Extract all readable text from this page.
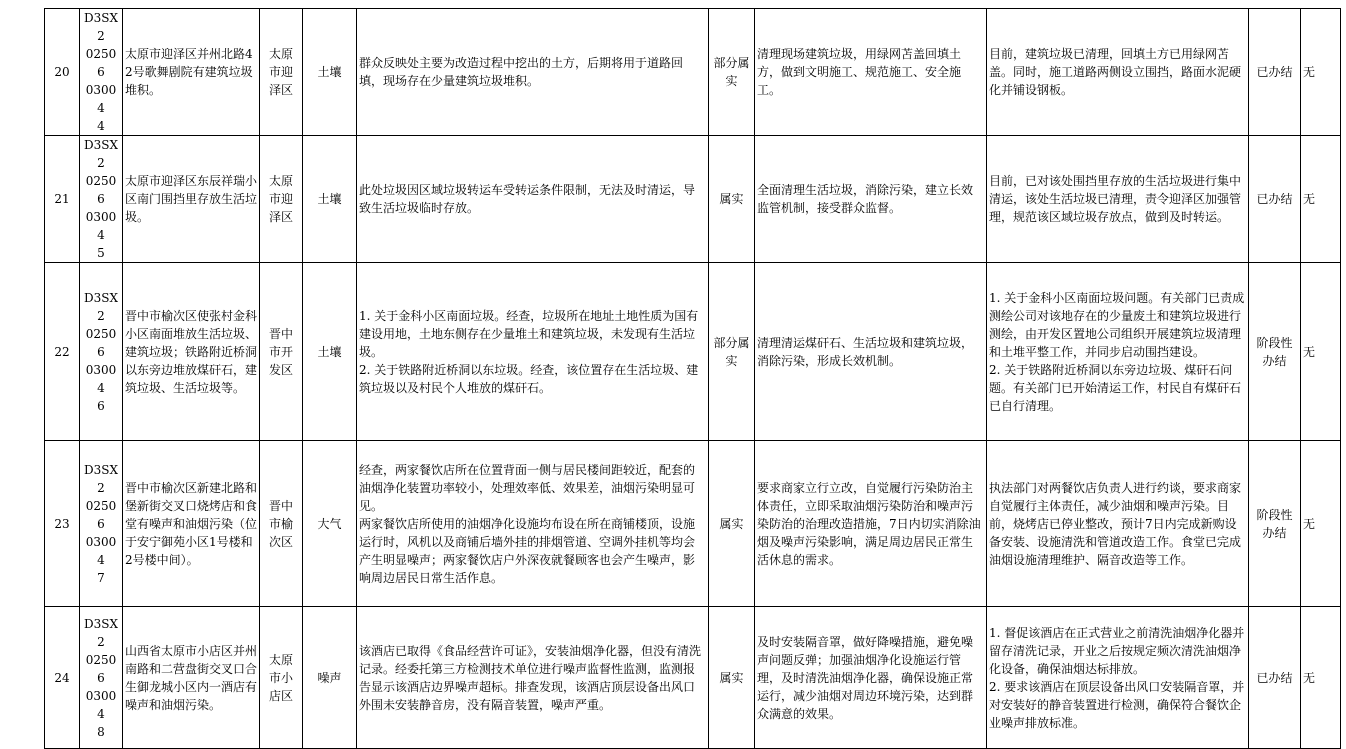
20	D3SX2
02506
03004
4	太原市迎泽区并州北路42号歌舞剧院有建筑垃圾堆积。	太原
市迎
泽区	土壤	群众反映处主要为改造过程中挖出的土方，后期将用于道路回填，现场存在少量建筑垃圾堆积。	部分属
实	清理现场建筑垃圾，用绿网苫盖回填土方，做到文明施工、规范施工、安全施工。	目前，建筑垃圾已清理，回填土方已用绿网苫盖。同时，施工道路两侧设立围挡，路面水泥硬化并铺设钢板。	已办结	无
21	D3SX2
02506
03004
5	太原市迎泽区东辰祥瑞小区南门围挡里存放生活垃圾。	太原
市迎
泽区	土壤	此处垃圾因区域垃圾转运车受转运条件限制，无法及时清运，导致生活垃圾临时存放。	属实	全面清理生活垃圾，消除污染，建立长效监管机制，接受群众监督。	目前，已对该处围挡里存放的生活垃圾进行集中清运，该处生活垃圾已清理，责令迎泽区加强管理，规范该区域垃圾存放点，做到及时转运。	已办结	无
22	D3SX2
02506
03004
6	晋中市榆次区使张村金科小区南面堆放生活垃圾、建筑垃圾；铁路附近桥洞以东旁边堆放煤矸石，建筑垃圾、生活垃圾等。	晋中
市开
发区	土壤	1. 关于金科小区南面垃圾。经查，垃圾所在地址土地性质为国有建设用地，土地东侧存在少量堆土和建筑垃圾，未发现有生活垃圾。
2. 关于铁路附近桥洞以东垃圾。经查，该位置存在生活垃圾、建筑垃圾以及村民个人堆放的煤矸石。	部分属
实	清理清运煤矸石、生活垃圾和建筑垃圾，消除污染，形成长效机制。	1. 关于金科小区南面垃圾问题。有关部门已责成测绘公司对该地存在的少量废土和建筑垃圾进行测绘，由开发区置地公司组织开展建筑垃圾清理和土堆平整工作，并同步启动围挡建设。
2. 关于铁路附近桥洞以东旁边垃圾、煤矸石问题。有关部门已开始清运工作，村民自有煤矸石已自行清理。	阶段性
办结	无
23	D3SX2
02506
03004
7	晋中市榆次区新建北路和堡新街交叉口烧烤店和食堂有噪声和油烟污染（位于安宁御苑小区1号楼和2号楼中间）。	晋中
市榆
次区	大气	经查，两家餐饮店所在位置背面一侧与居民楼间距较近，配套的油烟净化装置功率较小，处理效率低、效果差，油烟污染明显可见。
两家餐饮店所使用的油烟净化设施均布设在所在商铺楼顶，设施运行时，风机以及商铺后墙外挂的排烟管道、空调外挂机等均会产生明显噪声；两家餐饮店户外深夜就餐顾客也会产生噪声，影响周边居民日常生活作息。	属实	要求商家立行立改，自觉履行污染防治主体责任，立即采取油烟污染防治和噪声污染防治的治理改造措施，7日内切实消除油烟及噪声污染影响，满足周边居民正常生活休息的需求。	执法部门对两餐饮店负责人进行约谈，要求商家自觉履行主体责任，减少油烟和噪声污染。目前，烧烤店已停业整改，预计7日内完成新购设备安装、设施清洗和管道改造工作。食堂已完成油烟设施清理维护、隔音改造等工作。	阶段性
办结	无
24	D3SX2
02506
03004
8	山西省太原市小店区并州南路和二营盘街交叉口合生御龙城小区内一酒店有噪声和油烟污染。	太原
市小
店区	噪声	该酒店已取得《食品经营许可证》，安装油烟净化器，但没有清洗记录。经委托第三方检测技术单位进行噪声监督性监测，监测报告显示该酒店边界噪声超标。排查发现，该酒店顶层设备出风口外围未安装静音房，没有隔音装置，噪声严重。	属实	及时安装隔音罩，做好降噪措施，避免噪声问题反弹；加强油烟净化设施运行管理，及时清洗油烟净化器，确保设施正常运行，减少油烟对周边环境污染，达到群众满意的效果。	1. 督促该酒店在正式营业之前清洗油烟净化器并留存清洗记录，开业之后按规定频次清洗油烟净化设备，确保油烟达标排放。
2. 要求该酒店在顶层设备出风口安装隔音罩，并对安装好的静音装置进行检测，确保符合餐饮企业噪声排放标准。	已办结	无
